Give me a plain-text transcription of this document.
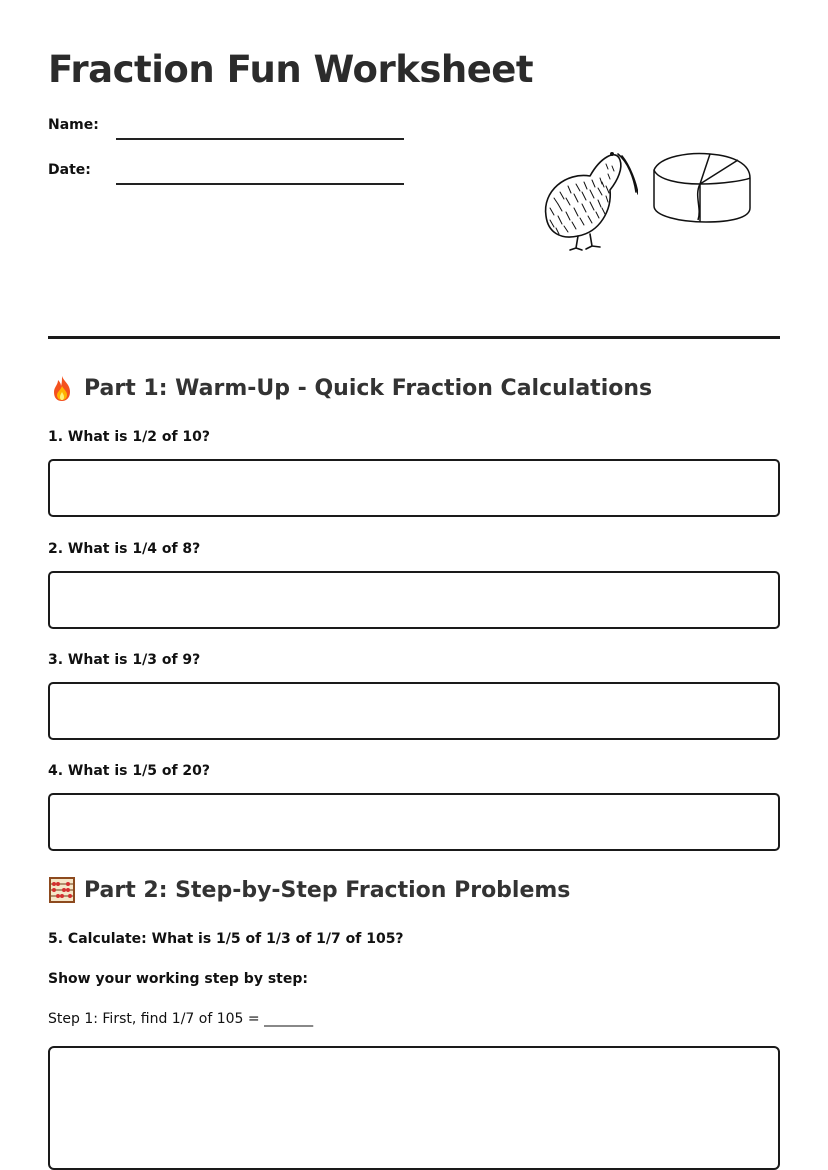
Fraction Fun Worksheet
Name:
Date:
Part 1: Warm-Up - Quick Fraction Calculations
1. What is 1/2 of 10?
2. What is 1/4 of 8?
3. What is 1/3 of 9?
4. What is 1/5 of 20?
Part 2: Step-by-Step Fraction Problems
5. Calculate: What is 1/5 of 1/3 of 1/7 of 105?
Show your working step by step:
Step 1: First, find 1/7 of 105 = _______
